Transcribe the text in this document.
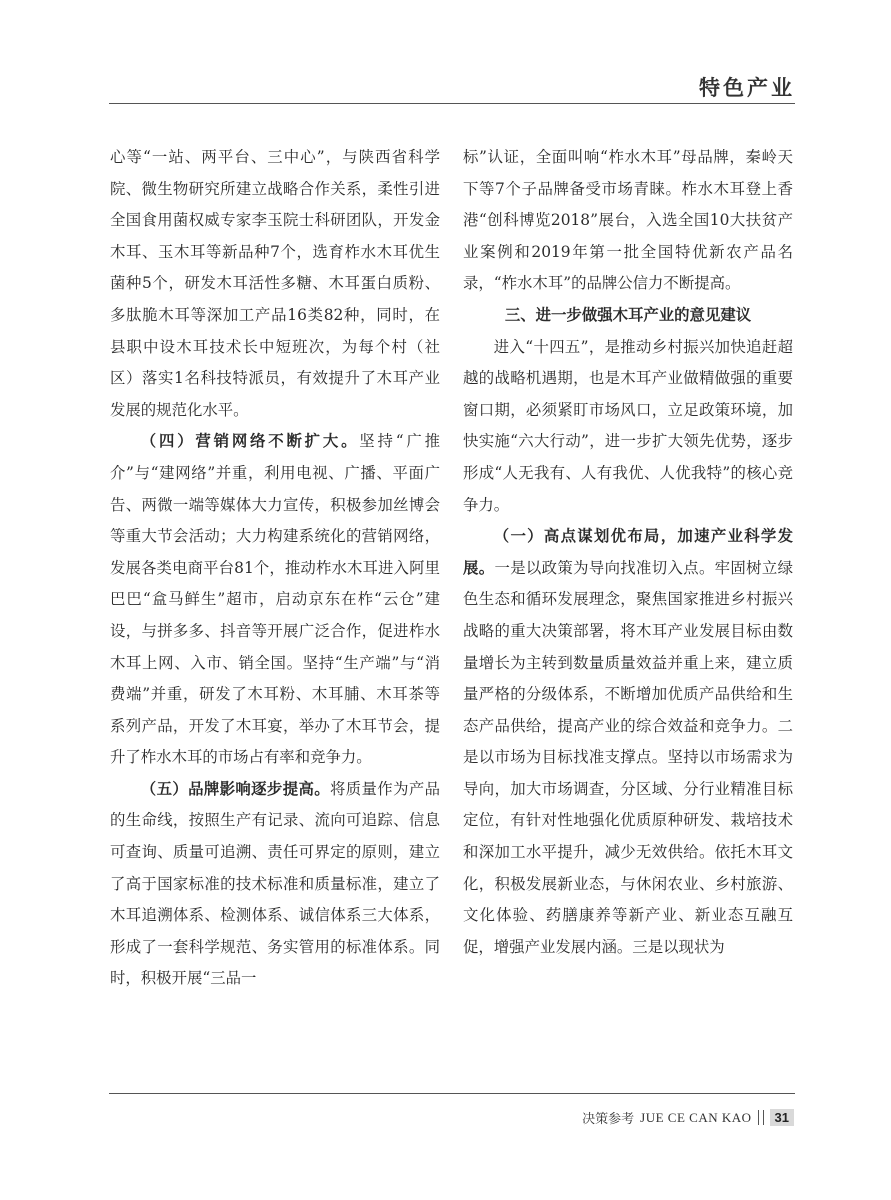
特色产业

心等“一站、两平台、三中心”，与陕西省科学院、微生物研究所建立战略合作关系，柔性引进全国食用菌权威专家李玉院士科研团队，开发金木耳、玉木耳等新品种7个，选育柞水木耳优生菌种5个，研发木耳活性多糖、木耳蛋白质粉、多肽脆木耳等深加工产品16类82种，同时，在县职中设木耳技术长中短班次，为每个村（社区）落实1名科技特派员，有效提升了木耳产业发展的规范化水平。

（四）营销网络不断扩大。坚持“广推介”与“建网络”并重，利用电视、广播、平面广告、两微一端等媒体大力宣传，积极参加丝博会等重大节会活动；大力构建系统化的营销网络，发展各类电商平台81个，推动柞水木耳进入阿里巴巴“盒马鲜生”超市，启动京东在柞“云仓”建设，与拼多多、抖音等开展广泛合作，促进柞水木耳上网、入市、销全国。坚持“生产端”与“消费端”并重，研发了木耳粉、木耳脯、木耳茶等系列产品，开发了木耳宴，举办了木耳节会，提升了柞水木耳的市场占有率和竞争力。

（五）品牌影响逐步提高。将质量作为产品的生命线，按照生产有记录、流向可追踪、信息可查询、质量可追溯、责任可界定的原则，建立了高于国家标准的技术标准和质量标准，建立了木耳追溯体系、检测体系、诚信体系三大体系，形成了一套科学规范、务实管用的标准体系。同时，积极开展“三品一

标”认证，全面叫响“柞水木耳”母品牌，秦岭天下等7个子品牌备受市场青睐。柞水木耳登上香港“创科博览2018”展台，入选全国10大扶贫产业案例和2019年第一批全国特优新农产品名录，“柞水木耳”的品牌公信力不断提高。

三、进一步做强木耳产业的意见建议

进入“十四五”，是推动乡村振兴加快追赶超越的战略机遇期，也是木耳产业做精做强的重要窗口期，必须紧盯市场风口，立足政策环境，加快实施“六大行动”，进一步扩大领先优势，逐步形成“人无我有、人有我优、人优我特”的核心竞争力。

（一）高点谋划优布局，加速产业科学发展。一是以政策为导向找准切入点。牢固树立绿色生态和循环发展理念，聚焦国家推进乡村振兴战略的重大决策部署，将木耳产业发展目标由数量增长为主转到数量质量效益并重上来，建立质量严格的分级体系，不断增加优质产品供给和生态产品供给，提高产业的综合效益和竞争力。二是以市场为目标找准支撑点。坚持以市场需求为导向，加大市场调查，分区域、分行业精准目标定位，有针对性地强化优质原种研发、栽培技术和深加工水平提升，减少无效供给。依托木耳文化，积极发展新业态，与休闲农业、乡村旅游、文化体验、药膳康养等新产业、新业态互融互促，增强产业发展内涵。三是以现状为

决策参考 JUE CE CAN KAO	31
